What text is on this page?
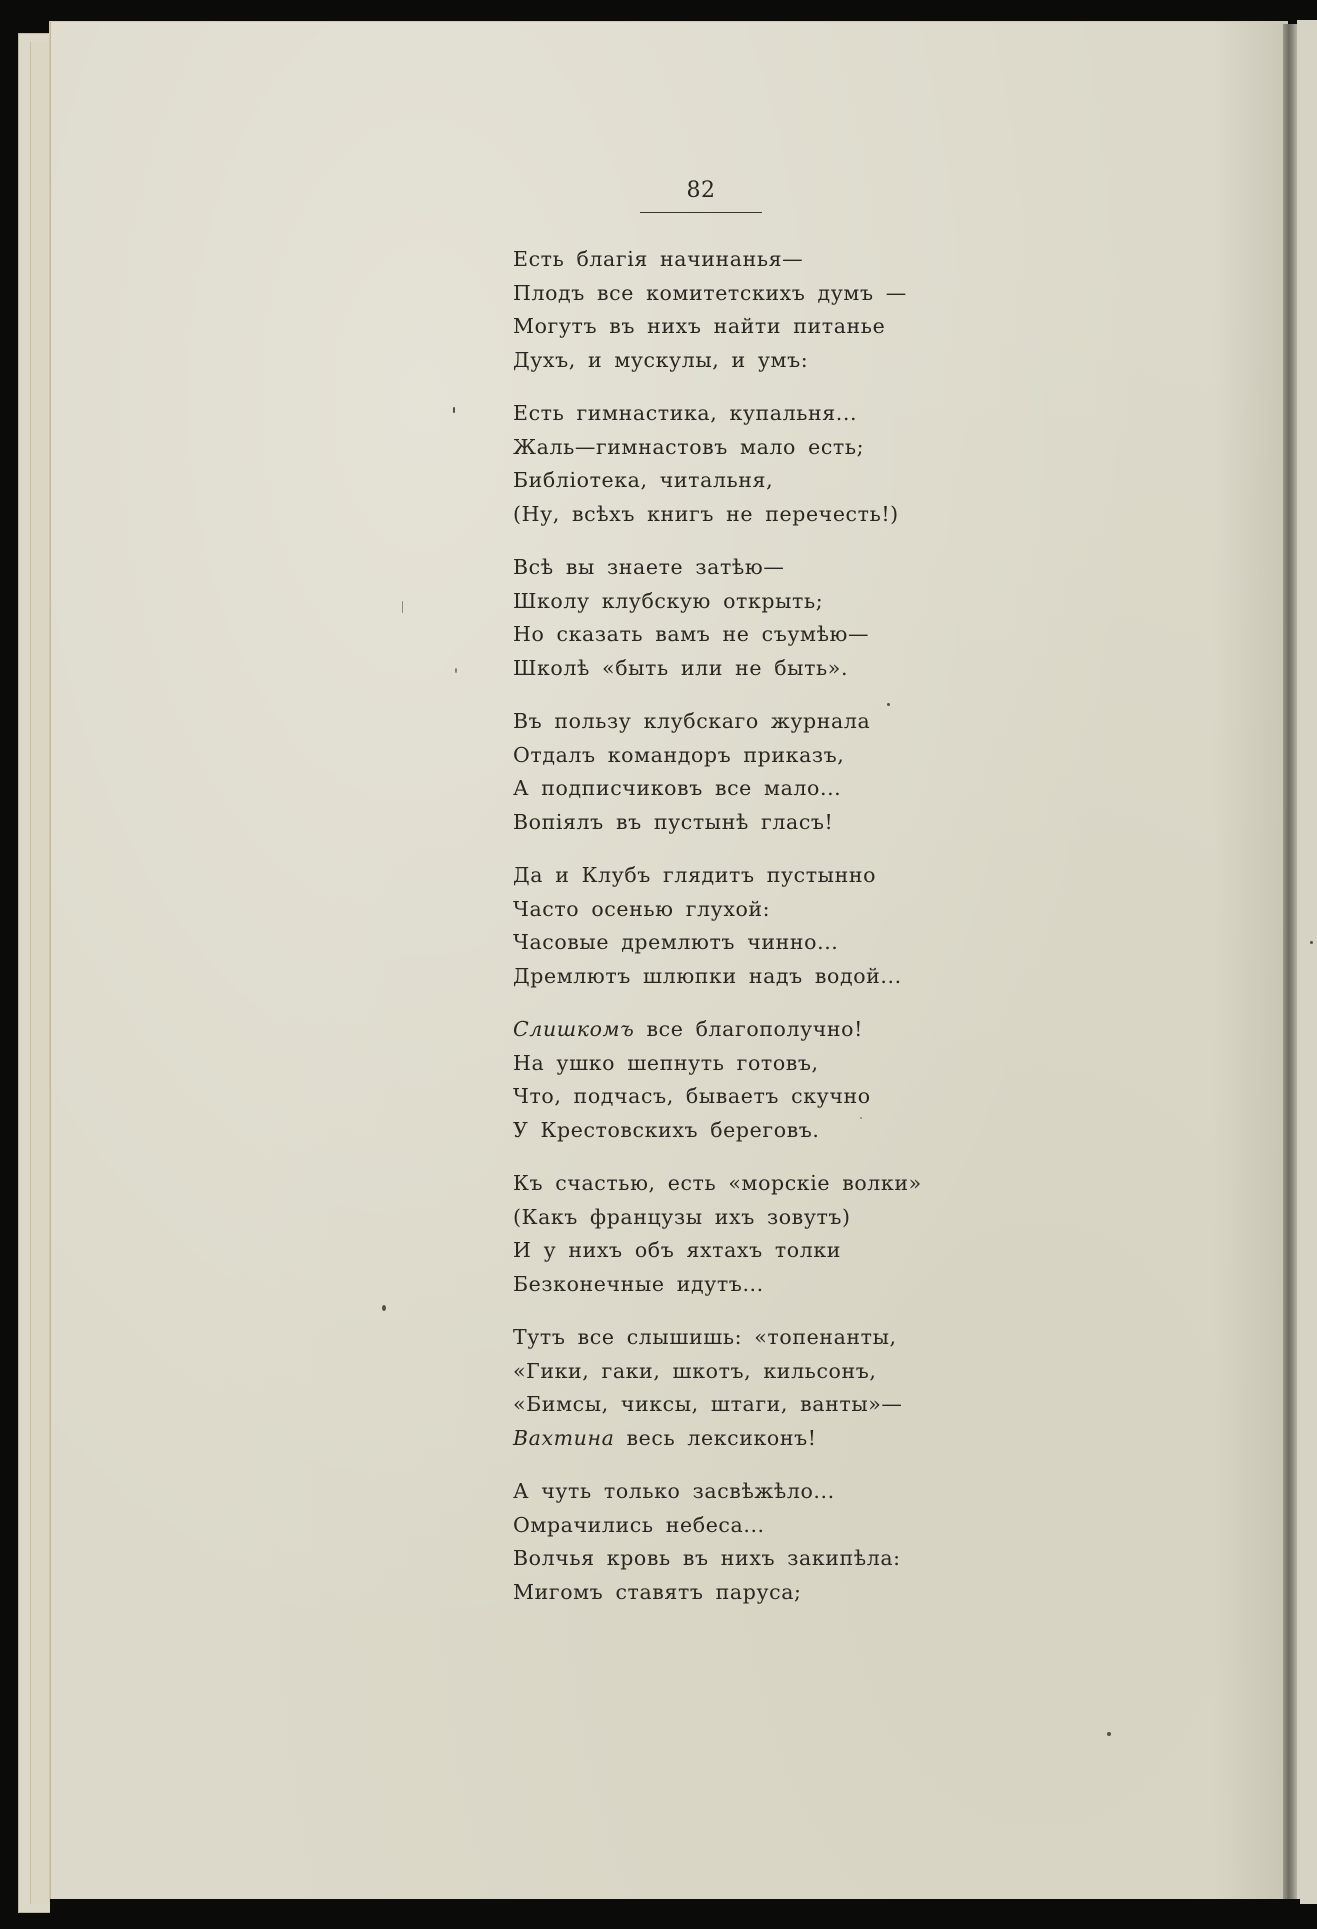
82
Есть благія начинанья—
Плодъ все комитетскихъ думъ —
Могутъ въ нихъ найти питанье
Духъ, и мускулы, и умъ:
Есть гимнастика, купальня...
Жаль—гимнастовъ мало есть;
Библіотека, читальня,
(Ну, всѣхъ книгъ не перечесть!)
Всѣ вы знаете затѣю—
Школу клубскую открыть;
Но сказать вамъ не съумѣю—
Школѣ «быть или не быть».
Въ пользу клубскаго журнала
Отдалъ командоръ приказъ,
А подписчиковъ все мало...
Вопіялъ въ пустынѣ гласъ!
Да и Клубъ глядитъ пустынно
Часто осенью глухой:
Часовые дремлютъ чинно...
Дремлютъ шлюпки надъ водой...
Слишкомъ все благополучно!
На ушко шепнуть готовъ,
Что, подчасъ, бываетъ скучно
У Крестовскихъ береговъ.
Къ счастью, есть «морскіе волки»
(Какъ французы ихъ зовутъ)
И у нихъ объ яхтахъ толки
Безконечные идутъ...
Тутъ все слышишь: «топенанты,
«Гики, гаки, шкотъ, кильсонъ,
«Бимсы, чиксы, штаги, ванты»—
Вахтина весь лексиконъ!
А чуть только засвѣжѣло...
Омрачились небеса...
Волчья кровь въ нихъ закипѣла:
Мигомъ ставятъ паруса;
